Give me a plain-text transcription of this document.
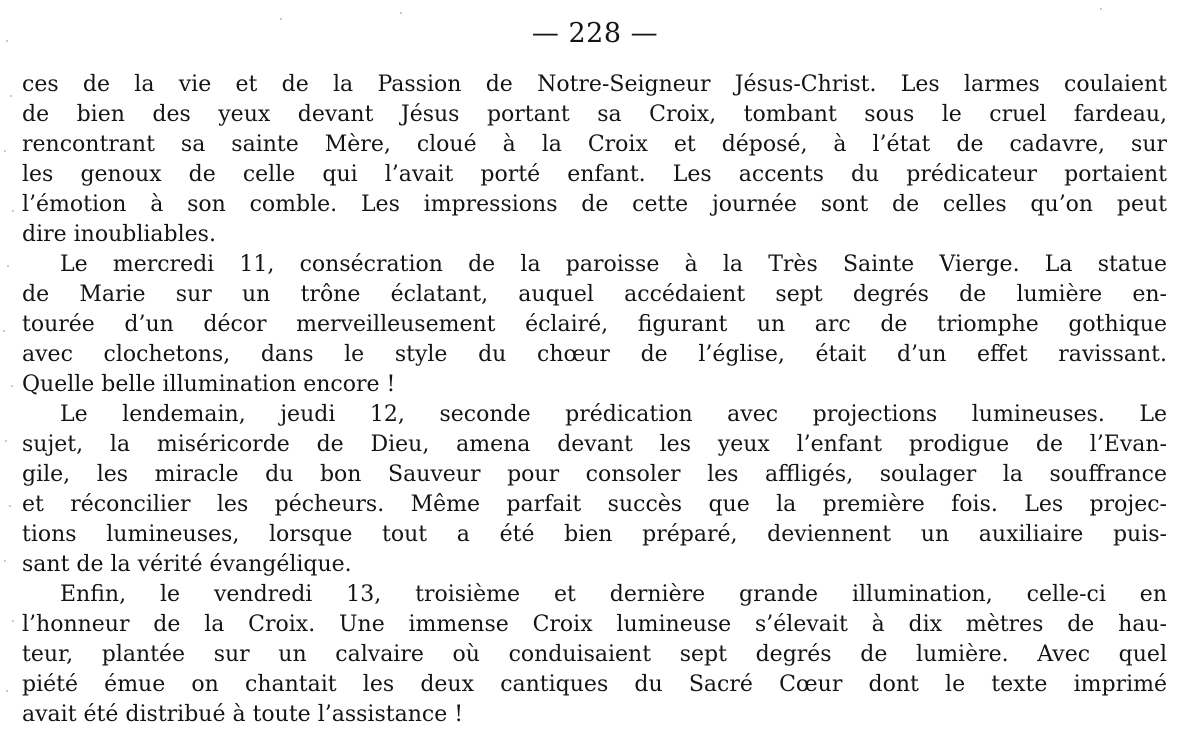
— 228 —
ces de la vie et de la Passion de Notre-Seigneur Jésus-Christ. Les larmes coulaient
de bien des yeux devant Jésus portant sa Croix, tombant sous le cruel fardeau,
rencontrant sa sainte Mère, cloué à la Croix et déposé, à l’état de cadavre, sur
les genoux de celle qui l’avait porté enfant. Les accents du prédicateur portaient
l’émotion à son comble. Les impressions de cette journée sont de celles qu’on peut
dire inoubliables.
Le mercredi 11, consécration de la paroisse à la Très Sainte Vierge. La statue
de Marie sur un trône éclatant, auquel accédaient sept degrés de lumière en-
tourée d’un décor merveilleusement éclairé, figurant un arc de triomphe gothique
avec clochetons, dans le style du chœur de l’église, était d’un effet ravissant.
Quelle belle illumination encore !
Le lendemain, jeudi 12, seconde prédication avec projections lumineuses. Le
sujet, la miséricorde de Dieu, amena devant les yeux l’enfant prodigue de l’Evan-
gile, les miracle du bon Sauveur pour consoler les affligés, soulager la souffrance
et réconcilier les pécheurs. Même parfait succès que la première fois. Les projec-
tions lumineuses, lorsque tout a été bien préparé, deviennent un auxiliaire puis-
sant de la vérité évangélique.
Enfin, le vendredi 13, troisième et dernière grande illumination, celle-ci en
l’honneur de la Croix. Une immense Croix lumineuse s’élevait à dix mètres de hau-
teur, plantée sur un calvaire où conduisaient sept degrés de lumière. Avec quel
piété émue on chantait les deux cantiques du Sacré Cœur dont le texte imprimé
avait été distribué à toute l’assistance !
